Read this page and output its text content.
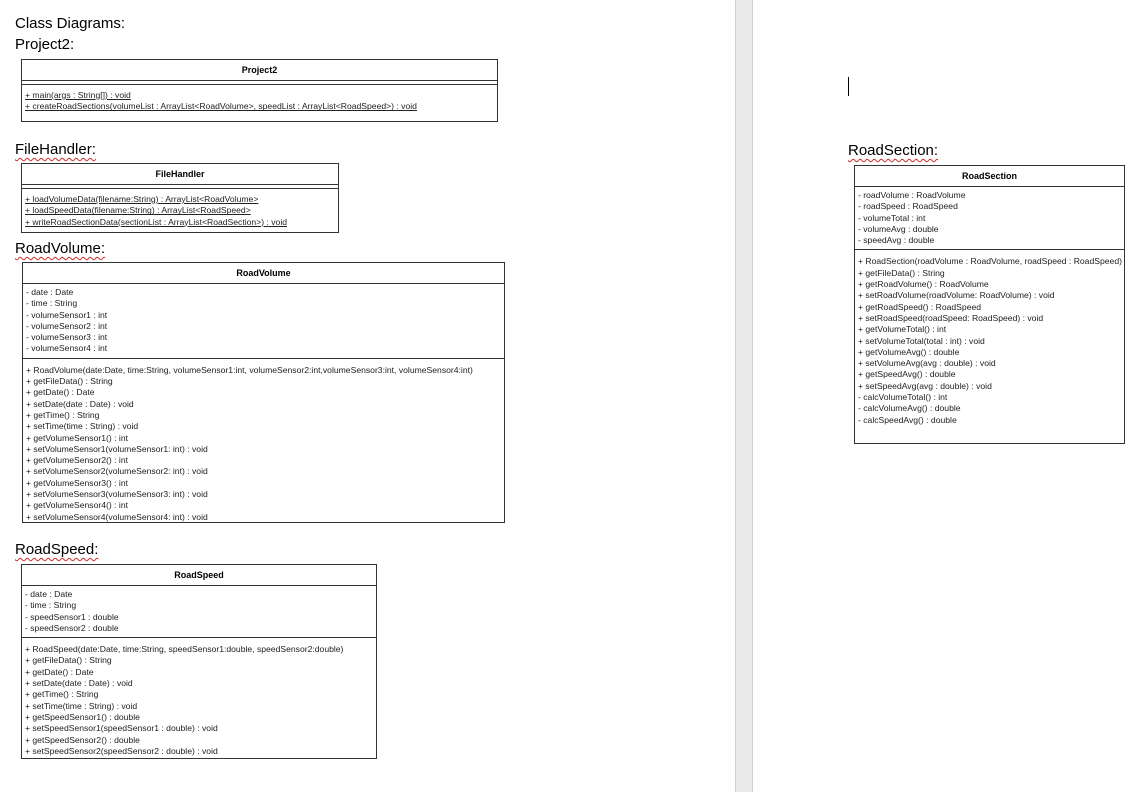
Class Diagrams:
Project2:
FileHandler:
RoadVolume:
RoadSpeed:
RoadSection:
Project2
+ main(args : String[]) : void
+ createRoadSections(volumeList : ArrayList<RoadVolume>, speedList : ArrayList<RoadSpeed>) : void
FileHandler
+ loadVolumeData(filename:String) : ArrayList<RoadVolume>
+ loadSpeedData(filename:String) : ArrayList<RoadSpeed>
+ writeRoadSectionData(sectionList : ArrayList<RoadSection>) : void
RoadVolume
- date : Date
- time : String
- volumeSensor1 : int
- volumeSensor2 : int
- volumeSensor3 : int
- volumeSensor4 : int
+ RoadVolume(date:Date, time:String, volumeSensor1:int, volumeSensor2:int,volumeSensor3:int, volumeSensor4:int)
+ getFileData() : String
+ getDate() : Date
+ setDate(date : Date) : void
+ getTime() : String
+ setTime(time : String) : void
+ getVolumeSensor1() : int
+ setVolumeSensor1(volumeSensor1: int) : void
+ getVolumeSensor2() : int
+ setVolumeSensor2(volumeSensor2: int) : void
+ getVolumeSensor3() : int
+ setVolumeSensor3(volumeSensor3: int) : void
+ getVolumeSensor4() : int
+ setVolumeSensor4(volumeSensor4: int) : void
RoadSpeed
- date : Date
- time : String
- speedSensor1 : double
- speedSensor2 : double
+ RoadSpeed(date:Date, time:String, speedSensor1:double, speedSensor2:double)
+ getFileData() : String
+ getDate() : Date
+ setDate(date : Date) : void
+ getTime() : String
+ setTime(time : String) : void
+ getSpeedSensor1() : double
+ setSpeedSensor1(speedSensor1 : double) : void
+ getSpeedSensor2() : double
+ setSpeedSensor2(speedSensor2 : double) : void
RoadSection
- roadVolume : RoadVolume
- roadSpeed : RoadSpeed
- volumeTotal : int
- volumeAvg : double
- speedAvg : double
+ RoadSection(roadVolume : RoadVolume, roadSpeed : RoadSpeed)
+ getFileData() : String
+ getRoadVolume() : RoadVolume
+ setRoadVolume(roadVolume: RoadVolume) : void
+ getRoadSpeed() : RoadSpeed
+ setRoadSpeed(roadSpeed: RoadSpeed) : void
+ getVolumeTotal() : int
+ setVolumeTotal(total : int) : void
+ getVolumeAvg() : double
+ setVolumeAvg(avg : double) : void
+ getSpeedAvg() : double
+ setSpeedAvg(avg : double) : void
- calcVolumeTotal() : int
- calcVolumeAvg() : double
- calcSpeedAvg() : double
